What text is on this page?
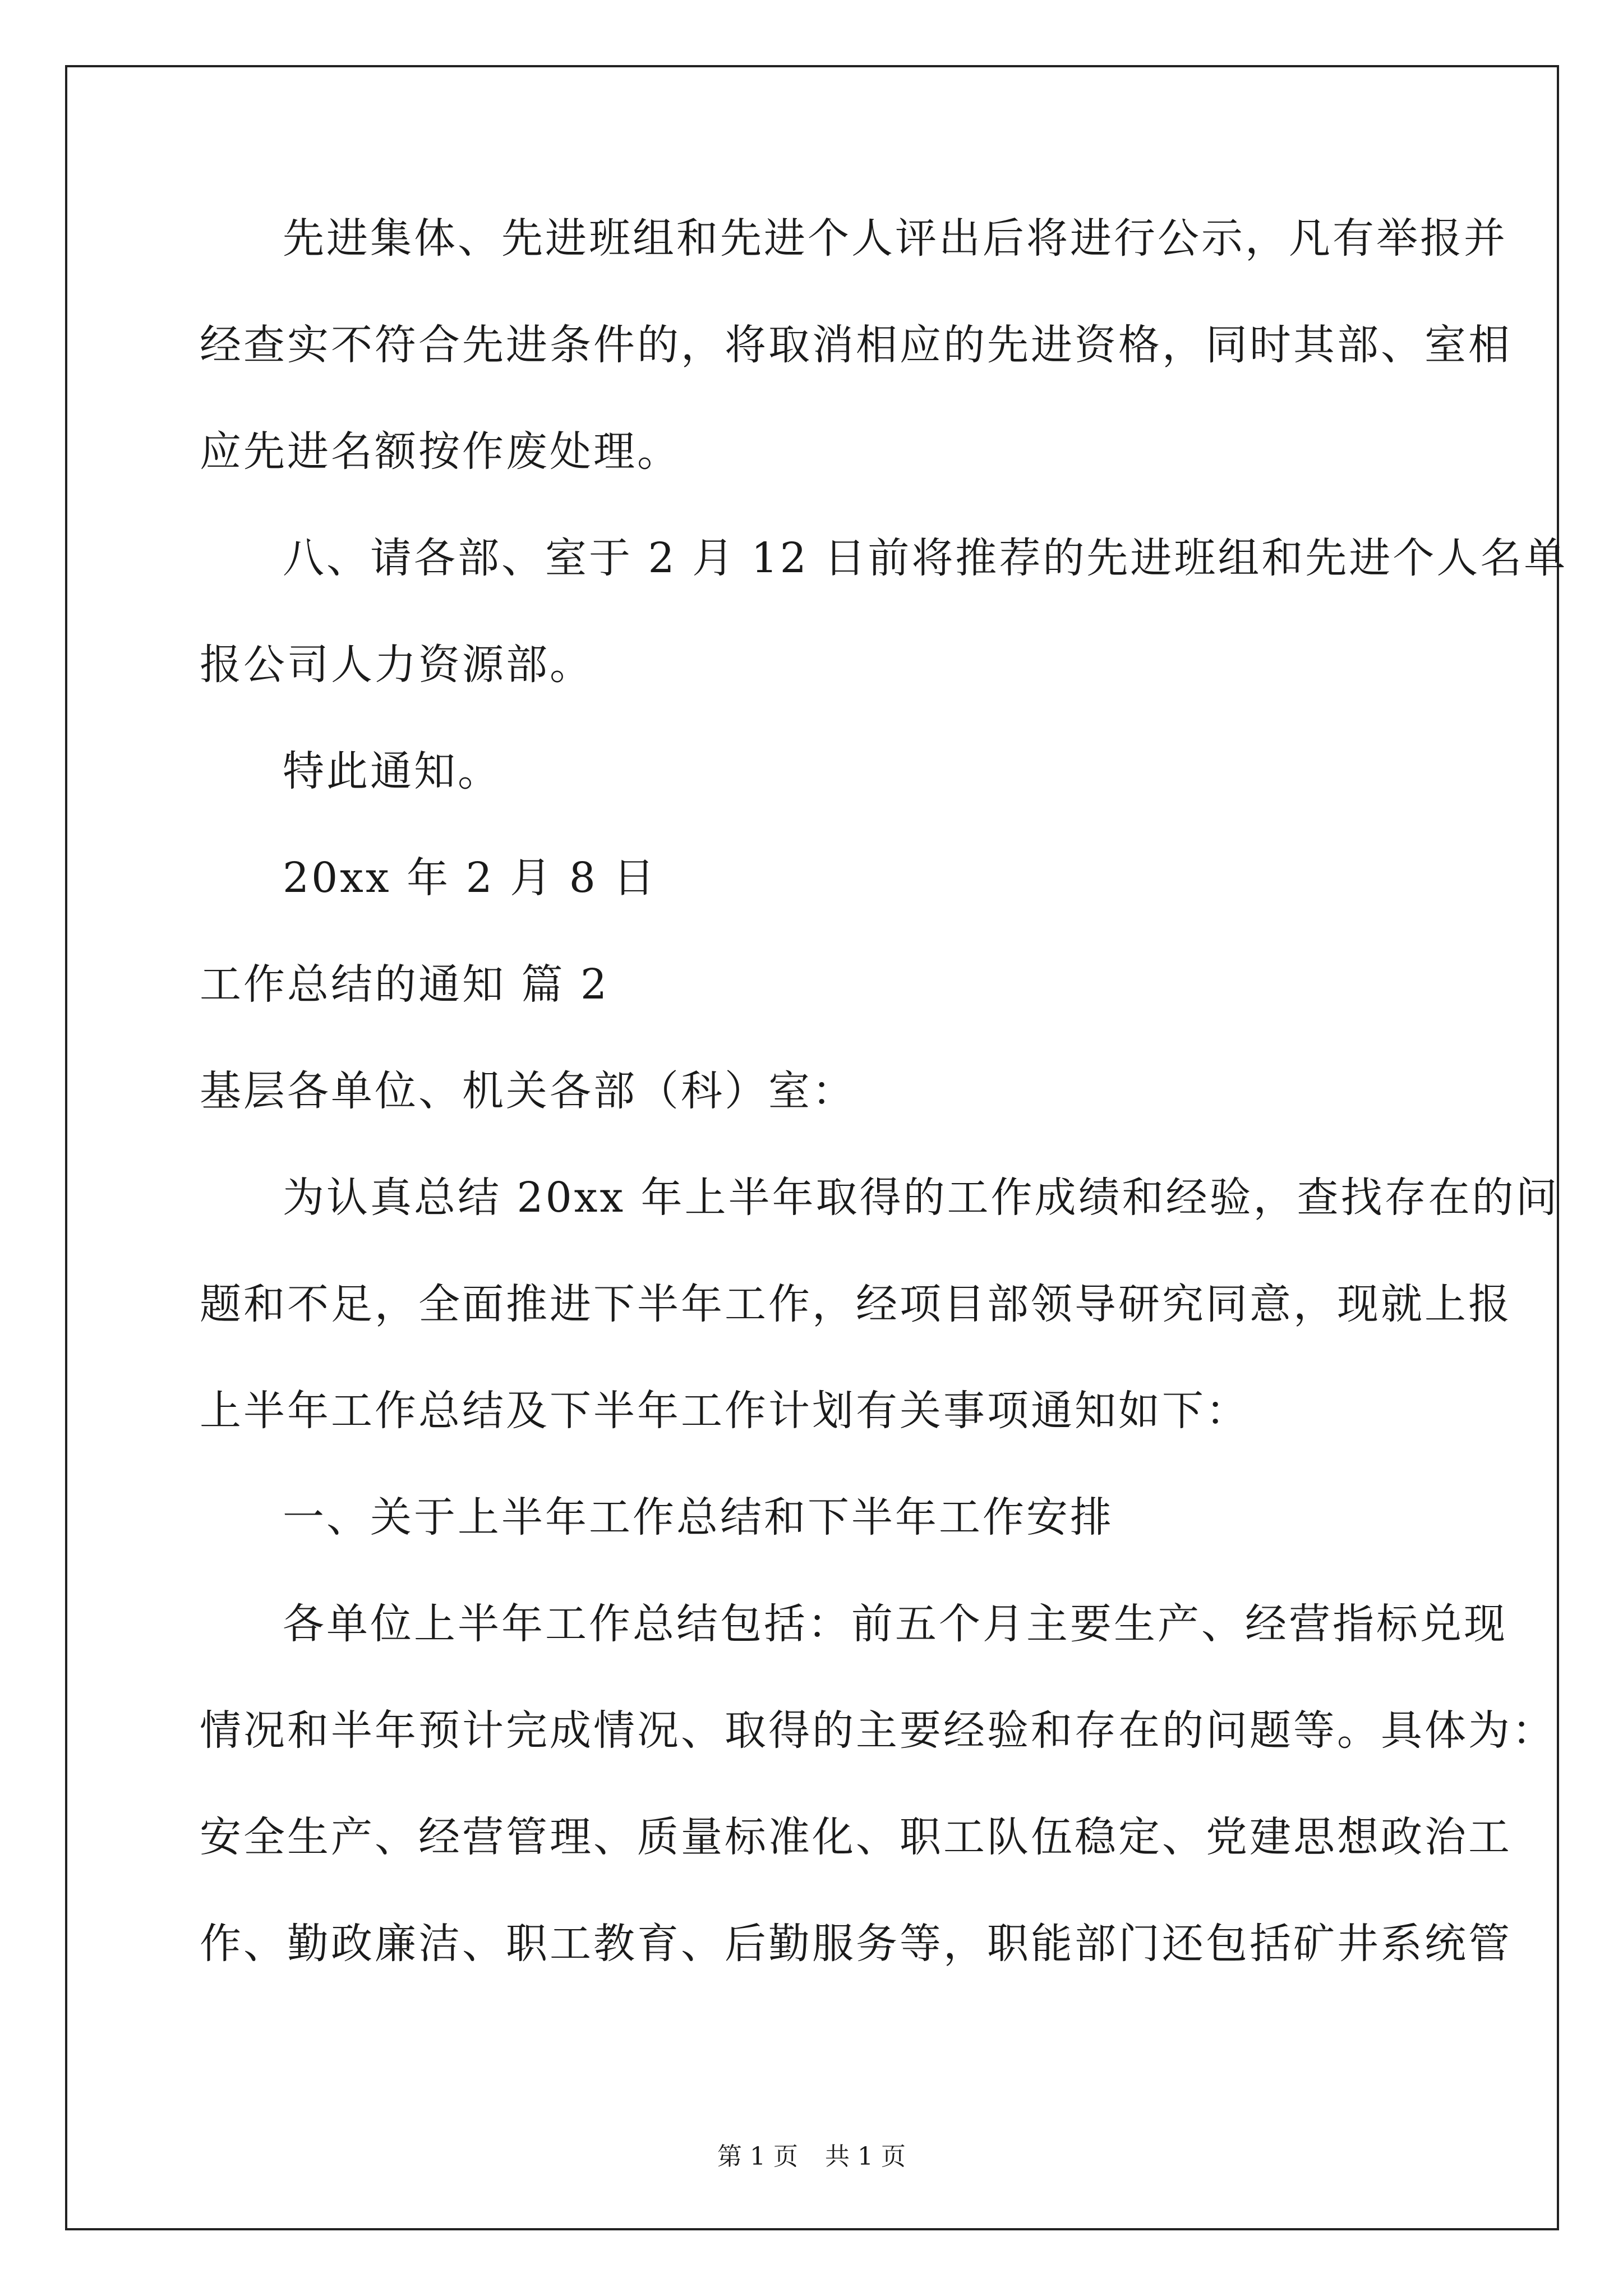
先进集体、先进班组和先进个人评出后将进行公示，凡有举报并

经查实不符合先进条件的，将取消相应的先进资格，同时其部、室相

应先进名额按作废处理。

八、请各部、室于 2 月 12 日前将推荐的先进班组和先进个人名单

报公司人力资源部。

特此通知。

20xx 年 2 月 8 日

工作总结的通知 篇 2

基层各单位、机关各部（科）室：

为认真总结 20xx 年上半年取得的工作成绩和经验，查找存在的问

题和不足，全面推进下半年工作，经项目部领导研究同意，现就上报

上半年工作总结及下半年工作计划有关事项通知如下：

一、关于上半年工作总结和下半年工作安排

各单位上半年工作总结包括：前五个月主要生产、经营指标兑现

情况和半年预计完成情况、取得的主要经验和存在的问题等。具体为：

安全生产、经营管理、质量标准化、职工队伍稳定、党建思想政治工

作、勤政廉洁、职工教育、后勤服务等，职能部门还包括矿井系统管

第 1 页 共 1 页
